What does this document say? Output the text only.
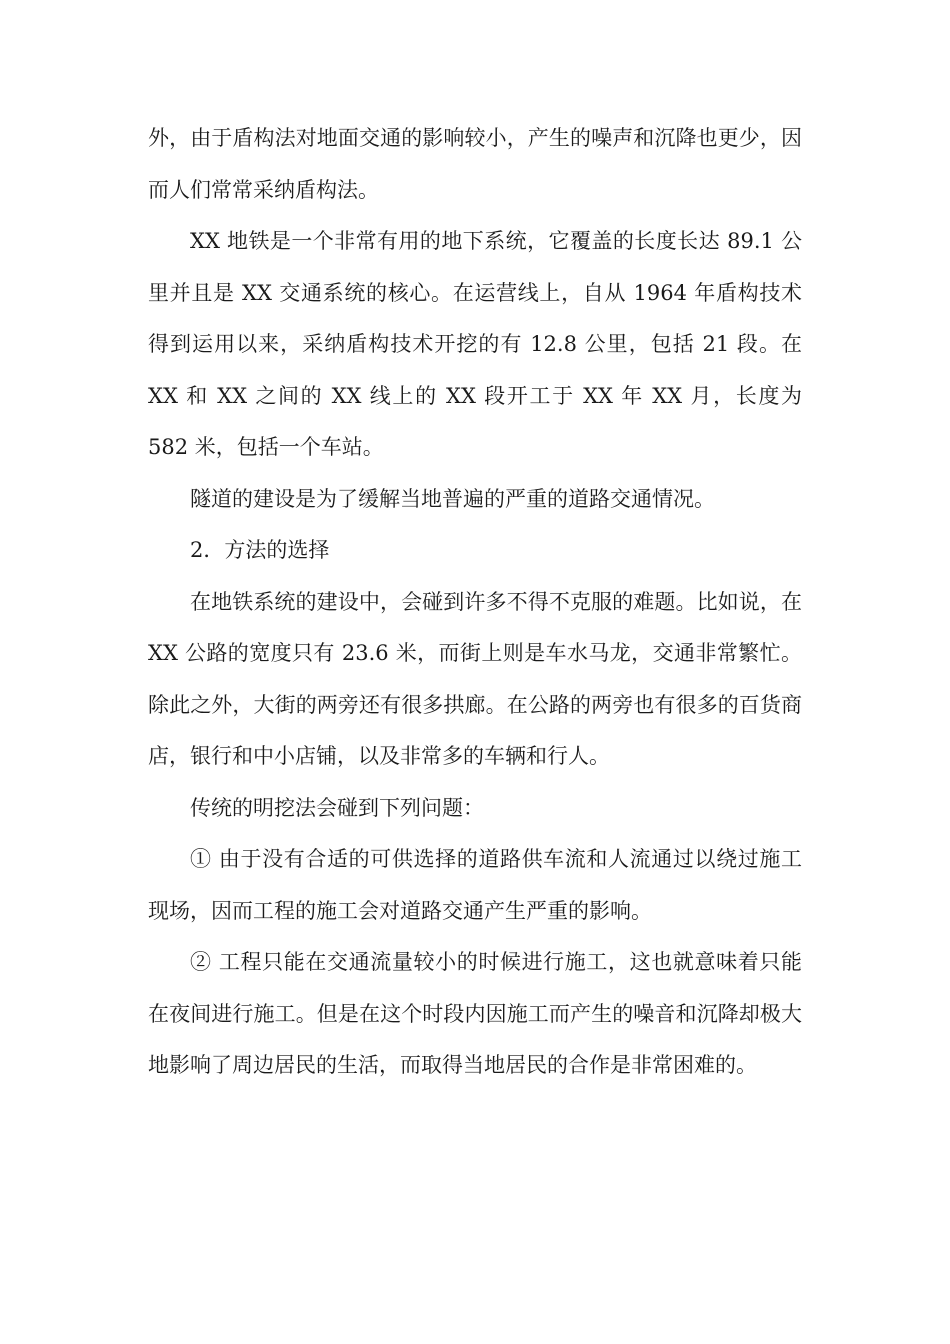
外，由于盾构法对地面交通的影响较小，产生的噪声和沉降也更少，因而人们常常采纳盾构法。

XX 地铁是一个非常有用的地下系统，它覆盖的长度长达 89.1 公里并且是 XX 交通系统的核心。在运营线上，自从 1964 年盾构技术得到运用以来，采纳盾构技术开挖的有 12.8 公里，包括 21 段。在 XX 和 XX 之间的 XX 线上的 XX 段开工于 XX 年 XX 月，长度为 582 米，包括一个车站。

隧道的建设是为了缓解当地普遍的严重的道路交通情况。

2．方法的选择

在地铁系统的建设中，会碰到许多不得不克服的难题。比如说，在 XX 公路的宽度只有 23.6 米，而街上则是车水马龙，交通非常繁忙。除此之外，大街的两旁还有很多拱廊。在公路的两旁也有很多的百货商店，银行和中小店铺，以及非常多的车辆和行人。

传统的明挖法会碰到下列问题：

① 由于没有合适的可供选择的道路供车流和人流通过以绕过施工现场，因而工程的施工会对道路交通产生严重的影响。

② 工程只能在交通流量较小的时候进行施工，这也就意味着只能在夜间进行施工。但是在这个时段内因施工而产生的噪音和沉降却极大地影响了周边居民的生活，而取得当地居民的合作是非常困难的。
